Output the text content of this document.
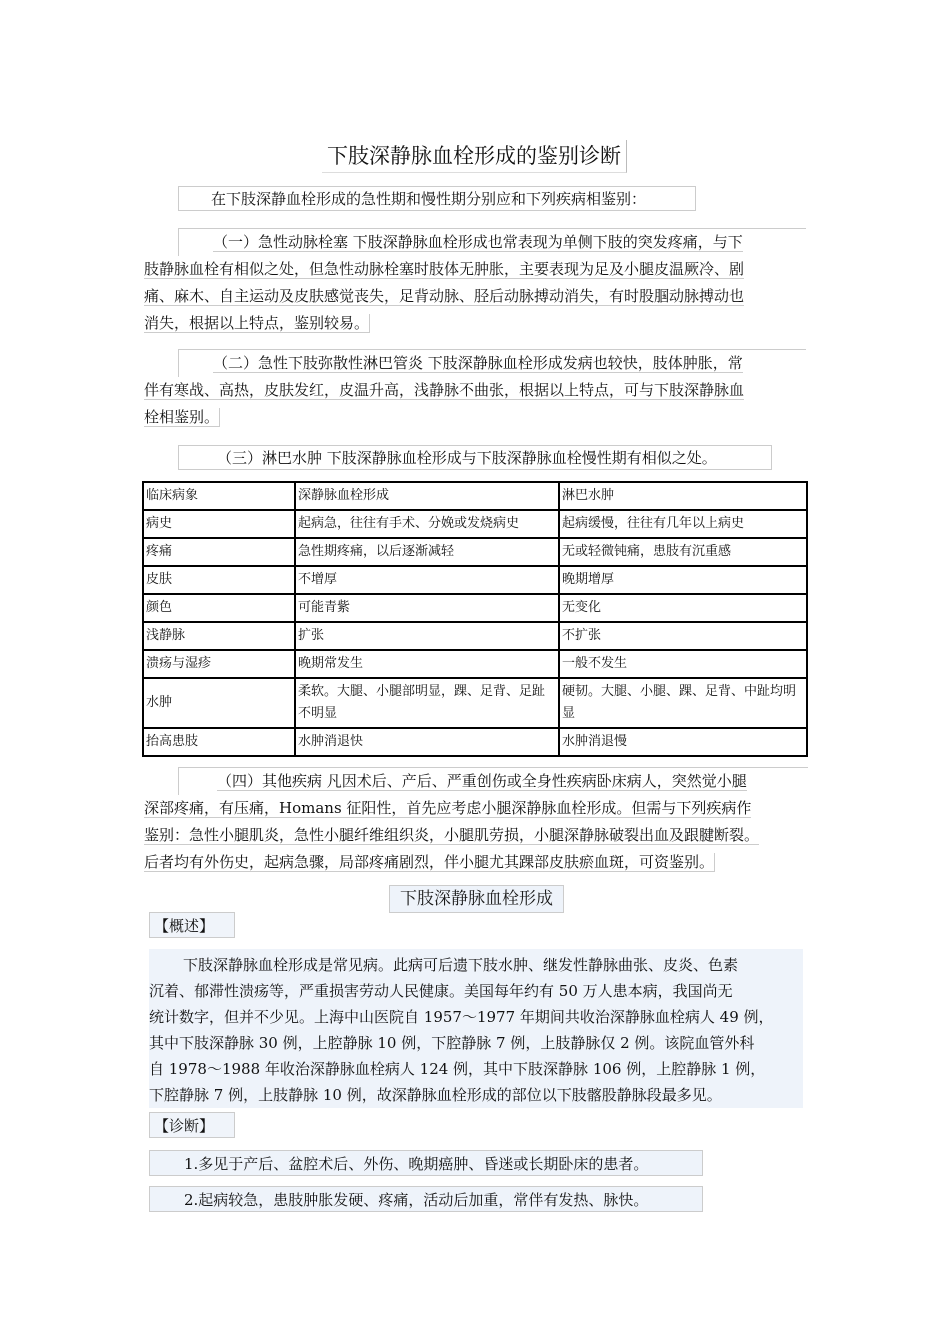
下肢深静脉血栓形成的鉴别诊断
在下肢深静血栓形成的急性期和慢性期分别应和下列疾病相鉴别：
（一）急性动脉栓塞 下肢深静脉血栓形成也常表现为单侧下肢的突发疼痛，与下
肢静脉血栓有相似之处，但急性动脉栓塞时肢体无肿胀，主要表现为足及小腿皮温厥冷、剧
痛、麻木、自主运动及皮肤感觉丧失，足背动脉、胫后动脉搏动消失，有时股腘动脉搏动也
消失，根据以上特点，鉴别较易。
（二）急性下肢弥散性淋巴管炎 下肢深静脉血栓形成发病也较快，肢体肿胀，常
伴有寒战、高热，皮肤发红，皮温升高，浅静脉不曲张，根据以上特点，可与下肢深静脉血
栓相鉴别。
（三）淋巴水肿 下肢深静脉血栓形成与下肢深静脉血栓慢性期有相似之处。
临床病象	深静脉血栓形成	淋巴水肿
病史	起病急，往往有手术、分娩或发烧病史	起病缓慢，往往有几年以上病史
疼痛	急性期疼痛，以后逐渐减轻	无或轻微钝痛，患肢有沉重感
皮肤	不增厚	晚期增厚
颜色	可能青紫	无变化
浅静脉	扩张	不扩张
溃疡与湿疹	晚期常发生	一般不发生
水肿	柔软。大腿、小腿部明显，踝、足背、足趾不明显	硬韧。大腿、小腿、踝、足背、中趾均明显
抬高患肢	水肿消退快	水肿消退慢
（四）其他疾病 凡因术后、产后、严重创伤或全身性疾病卧床病人，突然觉小腿
深部疼痛，有压痛，Homans 征阳性，首先应考虑小腿深静脉血栓形成。但需与下列疾病作
鉴别：急性小腿肌炎，急性小腿纤维组织炎，小腿肌劳损，小腿深静脉破裂出血及跟腱断裂。
后者均有外伤史，起病急骤，局部疼痛剧烈，伴小腿尤其踝部皮肤瘀血斑，可资鉴别。
下肢深静脉血栓形成
【概述】
下肢深静脉血栓形成是常见病。此病可后遗下肢水肿、继发性静脉曲张、皮炎、色素
沉着、郁滞性溃疡等，严重损害劳动人民健康。美国每年约有 50 万人患本病，我国尚无
统计数字，但并不少见。上海中山医院自 1957～1977 年期间共收治深静脉血栓病人 49 例，
其中下肢深静脉 30 例，上腔静脉 10 例，下腔静脉 7 例，上肢静脉仅 2 例。该院血管外科
自 1978～1988 年收治深静脉血栓病人 124 例，其中下肢深静脉 106 例，上腔静脉 1 例，
下腔静脉 7 例，上肢静脉 10 例，故深静脉血栓形成的部位以下肢髂股静脉段最多见。
【诊断】
1.多见于产后、盆腔术后、外伤、晚期癌肿、昏迷或长期卧床的患者。
2.起病较急，患肢肿胀发硬、疼痛，活动后加重，常伴有发热、脉快。
